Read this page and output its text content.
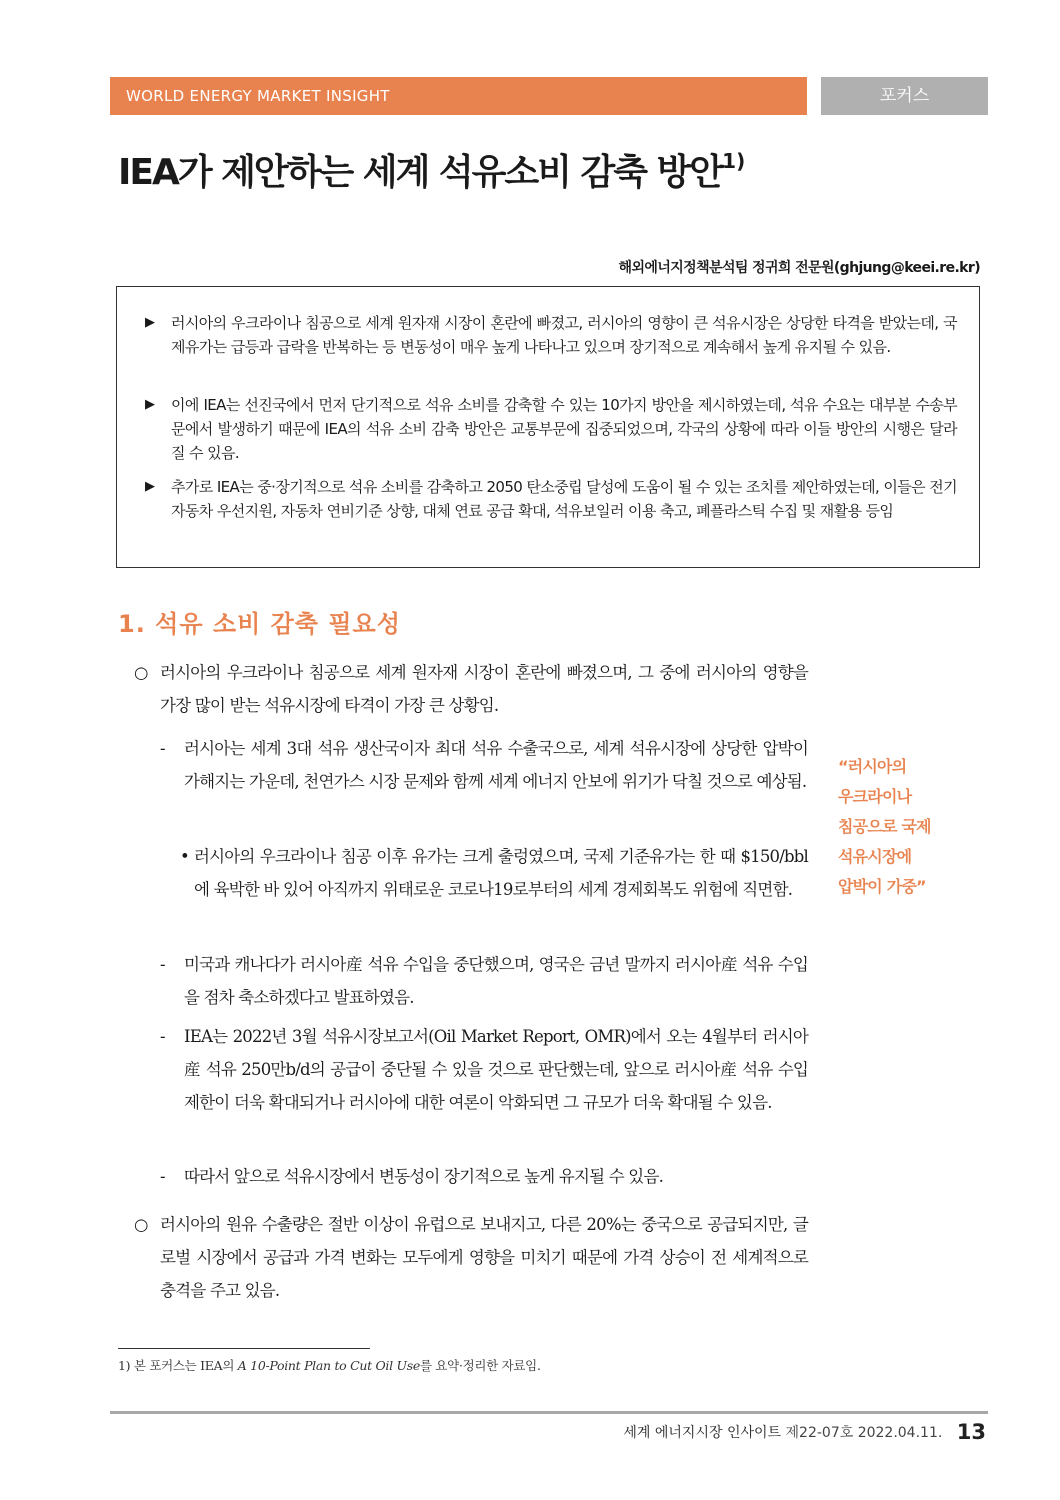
WORLD ENERGY MARKET INSIGHT	포커스
IEA가 제안하는 세계 석유소비 감축 방안$^{1)}$
해외에너지정책분석팀 정귀희 전문원(ghjung@keei.re.kr)
▶ 러시아의 우크라이나 침공으로 세계 원자재 시장이 혼란에 빠졌고, 러시아의 영향이 큰 석유시장은 상당한 타격을 받았는데, 국제유가는 급등과 급락을 반복하는 등 변동성이 매우 높게 나타나고 있으며 장기적으로 계속해서 높게 유지될 수 있음.
▶ 이에 IEA는 선진국에서 먼저 단기적으로 석유 소비를 감축할 수 있는 10가지 방안을 제시하였는데, 석유 수요는 대부분 수송부문에서 발생하기 때문에 IEA의 석유 소비 감축 방안은 교통부문에 집중되었으며, 각국의 상황에 따라 이들 방안의 시행은 달라질 수 있음.
▶ 추가로 IEA는 중·장기적으로 석유 소비를 감축하고 2050 탄소중립 달성에 도움이 될 수 있는 조치를 제안하였는데, 이들은 전기자동차 우선지원, 자동차 연비기준 상향, 대체 연료 공급 확대, 석유보일러 이용 축고, 폐플라스틱 수집 및 재활용 등임
1. 석유 소비 감축 필요성
○ 러시아의 우크라이나 침공으로 세계 원자재 시장이 혼란에 빠졌으며, 그 중에 러시아의 영향을 가장 많이 받는 석유시장에 타격이 가장 큰 상황임.
- 러시아는 세계 3대 석유 생산국이자 최대 석유 수출국으로, 세계 석유시장에 상당한 압박이 가해지는 가운데, 천연가스 시장 문제와 함께 세계 에너지 안보에 위기가 닥칠 것으로 예상됨.
• 러시아의 우크라이나 침공 이후 유가는 크게 출렁였으며, 국제 기준유가는 한 때 $150/bbl에 육박한 바 있어 아직까지 위태로운 코로나19로부터의 세계 경제회복도 위험에 직면함.
- 미국과 캐나다가 러시아産 석유 수입을 중단했으며, 영국은 금년 말까지 러시아産 석유 수입을 점차 축소하겠다고 발표하였음.
- IEA는 2022년 3월 석유시장보고서(Oil Market Report, OMR)에서 오는 4월부터 러시아産 석유 250만b/d의 공급이 중단될 수 있을 것으로 판단했는데, 앞으로 러시아産 석유 수입 제한이 더욱 확대되거나 러시아에 대한 여론이 악화되면 그 규모가 더욱 확대될 수 있음.
- 따라서 앞으로 석유시장에서 변동성이 장기적으로 높게 유지될 수 있음.
○ 러시아의 원유 수출량은 절반 이상이 유럽으로 보내지고, 다른 20%는 중국으로 공급되지만, 글로벌 시장에서 공급과 가격 변화는 모두에게 영향을 미치기 때문에 가격 상승이 전 세계적으로 충격을 주고 있음.
“러시아의
우크라이나
침공으로 국제
석유시장에
압박이 가중”
1) 본 포커스는 IEA의 A 10-Point Plan to Cut Oil Use를 요약·정리한 자료임.
세계 에너지시장 인사이트 제22-07호 2022.04.11. 13
